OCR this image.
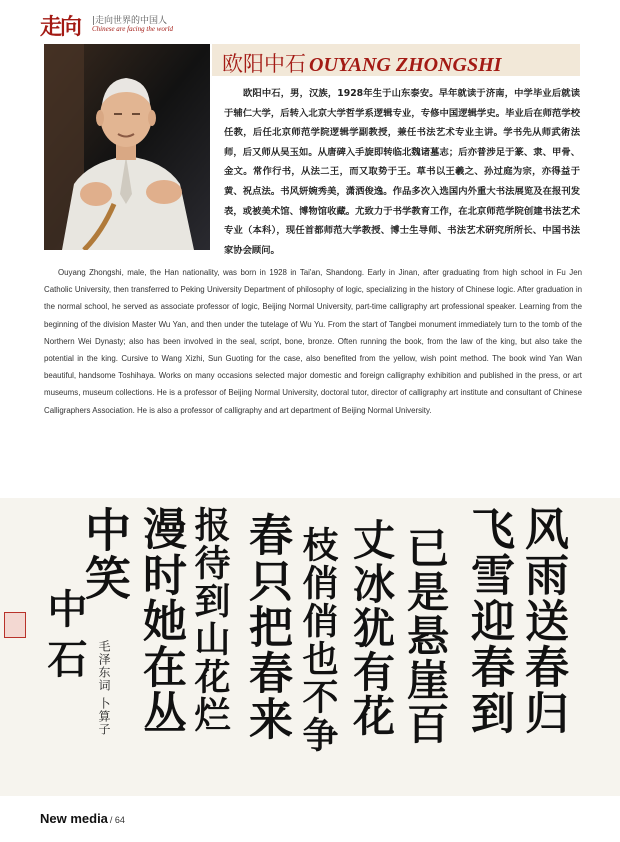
走向 |走向世界的中国人
Chinese are facing the world
欧阳中石 OUYANG ZHONGSHI

欧阳中石，男，汉族，1928年生于山东泰安。早年就读于济南，中学毕业后就读于辅仁大学，后转入北京大学哲学系逻辑专业，专修中国逻辑学史。毕业后在师范学校任教，后任北京师范学院逻辑学副教授，兼任书法艺术专业主讲。学书先从师武術法师，后又师从吴玉如。从唐碑入手旋即转临北魏诸墓志；后亦普涉足于篆、隶、甲骨、金文。常作行书，从法二王，而又取势于王。草书以王羲之、孙过庭为宗，亦得益于黄、祝点法。书风妍婉秀美，潇洒俊逸。作品多次入选国内外重大书法展览及在报刊发表，或被美术馆、博物馆收藏。尤致力于书学教育工作，在北京师范学院创建书法艺术专业（本科），现任首都师范大学教授、博士生导师、书法艺术研究所所长、中国书法家协会顾问。

Ouyang Zhongshi, male, the Han nationality, was born in 1928 in Tai'an, Shandong. Early in Jinan, after graduating from high school in Fu Jen Catholic University, then transferred to Peking University Department of philosophy of logic, specializing in the history of Chinese logic. After graduation in the normal school, he served as associate professor of logic, Beijing Normal University, part-time calligraphy art professional speaker. Learning from the beginning of the division Master Wu Yan, and then under the tutelage of Wu Yu. From the start of Tangbei monument immediately turn to the tomb of the Northern Wei Dynasty; also has been involved in the seal, script, bone, bronze. Often running the book, from the law of the king, but also take the potential in the king. Cursive to Wang Xizhi, Sun Guoting for the case, also benefited from the yellow, wish point method. The book wind Yan Wan beautiful, handsome Toshihaya. Works on many occasions selected major domestic and foreign calligraphy exhibition and published in the press, or art museums, museum collections. He is a professor of Beijing Normal University, doctoral tutor, director of calligraphy art institute and consultant of Chinese Calligraphers Association. He is also a professor of calligraphy and art department of Beijing Normal University.

风雨送春归
飞雪迎春到
已是悬崖百
丈冰犹有花
枝俏俏也不争
春只把春来
报待到山花烂
漫时她在丛
中笑
毛泽东词 卜算子
中石
New media / 64
